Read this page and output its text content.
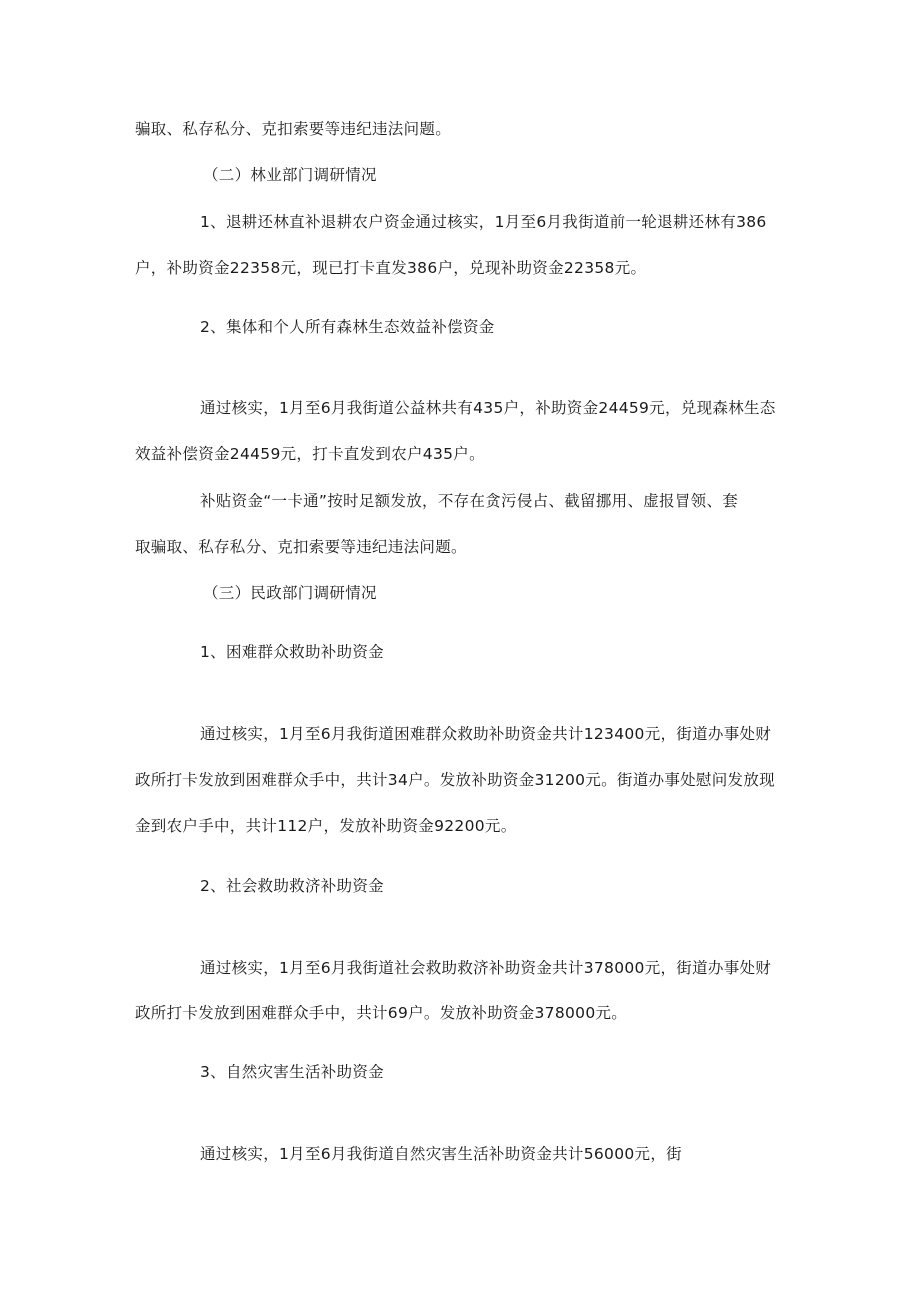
骗取、私存私分、克扣索要等违纪违法问题。

（二）林业部门调研情况

1、退耕还林直补退耕农户资金通过核实，1月至6月我街道前一轮退耕还林有386

户，补助资金22358元，现已打卡直发386户，兑现补助资金22358元。

2、集体和个人所有森林生态效益补偿资金

通过核实，1月至6月我街道公益林共有435户，补助资金24459元，兑现森林生态

效益补偿资金24459元，打卡直发到农户435户。

补贴资金“一卡通”按时足额发放，不存在贪污侵占、截留挪用、虚报冒领、套

取骗取、私存私分、克扣索要等违纪违法问题。

（三）民政部门调研情况

1、困难群众救助补助资金

通过核实，1月至6月我街道困难群众救助补助资金共计123400元，街道办事处财

政所打卡发放到困难群众手中，共计34户。发放补助资金31200元。街道办事处慰问发放现

金到农户手中，共计112户，发放补助资金92200元。

2、社会救助救济补助资金

通过核实，1月至6月我街道社会救助救济补助资金共计378000元，街道办事处财

政所打卡发放到困难群众手中，共计69户。发放补助资金378000元。

3、自然灾害生活补助资金

通过核实，1月至6月我街道自然灾害生活补助资金共计56000元，街
